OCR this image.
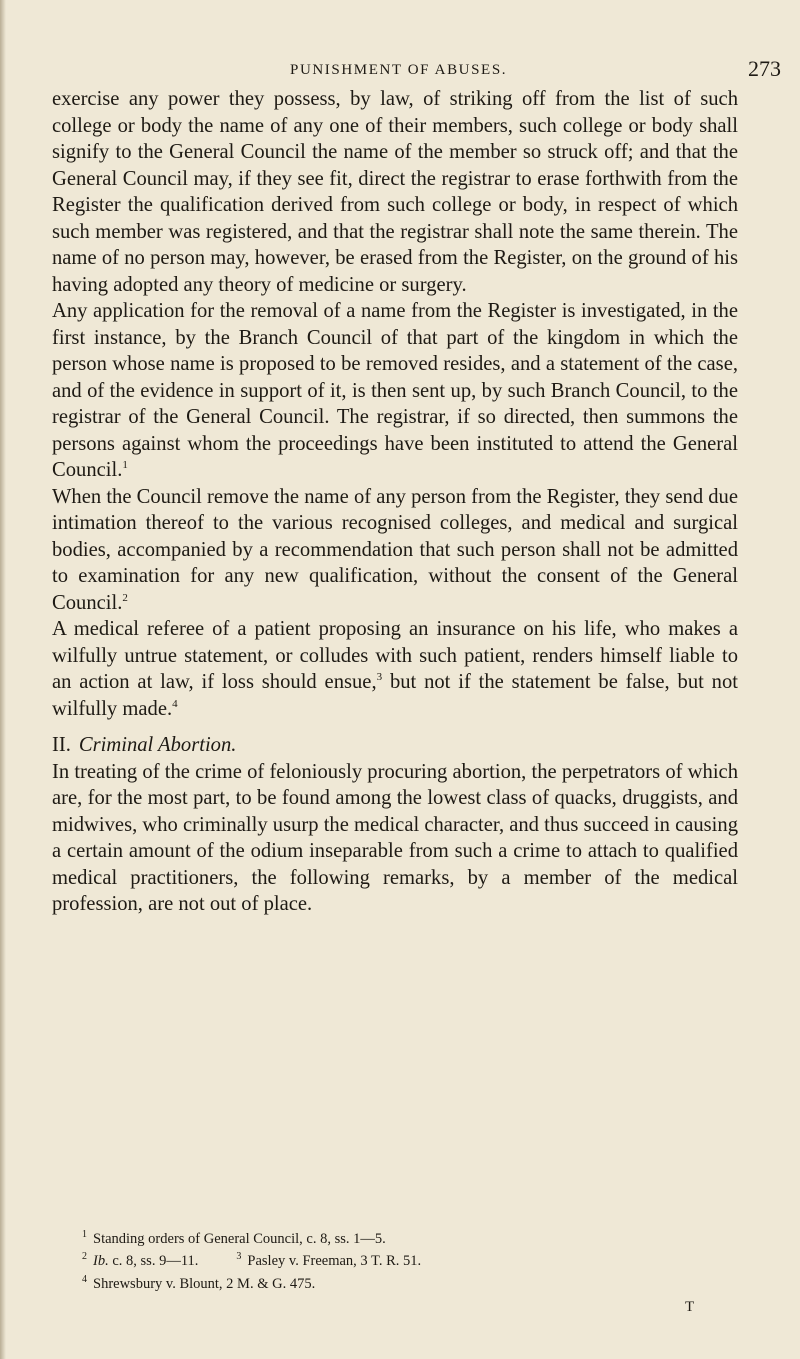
PUNISHMENT OF ABUSES.	273

exercise any power they possess, by law, of striking off from the list of such college or body the name of any one of their members, such college or body shall signify to the General Council the name of the member so struck off; and that the General Council may, if they see fit, direct the registrar to erase forthwith from the Register the qualification derived from such college or body, in respect of which such member was registered, and that the registrar shall note the same therein. The name of no person may, however, be erased from the Register, on the ground of his having adopted any theory of medicine or surgery.

Any application for the removal of a name from the Register is investigated, in the first instance, by the Branch Council of that part of the kingdom in which the person whose name is proposed to be removed resides, and a statement of the case, and of the evidence in support of it, is then sent up, by such Branch Council, to the registrar of the General Council. The registrar, if so directed, then summons the persons against whom the proceedings have been instituted to attend the General Council.$^1$

When the Council remove the name of any person from the Register, they send due intimation thereof to the various recognised colleges, and medical and surgical bodies, accompanied by a recommendation that such person shall not be admitted to examination for any new qualification, without the consent of the General Council.$^2$

A medical referee of a patient proposing an insurance on his life, who makes a wilfully untrue statement, or colludes with such patient, renders himself liable to an action at law, if loss should ensue,$^3$ but not if the statement be false, but not wilfully made.$^4$

II. Criminal Abortion.

In treating of the crime of feloniously procuring abortion, the perpetrators of which are, for the most part, to be found among the lowest class of quacks, druggists, and midwives, who criminally usurp the medical character, and thus succeed in causing a certain amount of the odium inseparable from such a crime to attach to qualified medical practitioners, the following remarks, by a member of the medical profession, are not out of place.

$^1$ Standing orders of General Council, c. 8, ss. 1—5.
$^2$ Ib. c. 8, ss. 9—11.	$^3$ Pasley v. Freeman, 3 T. R. 51.
$^4$ Shrewsbury v. Blount, 2 M. & G. 475.
T
